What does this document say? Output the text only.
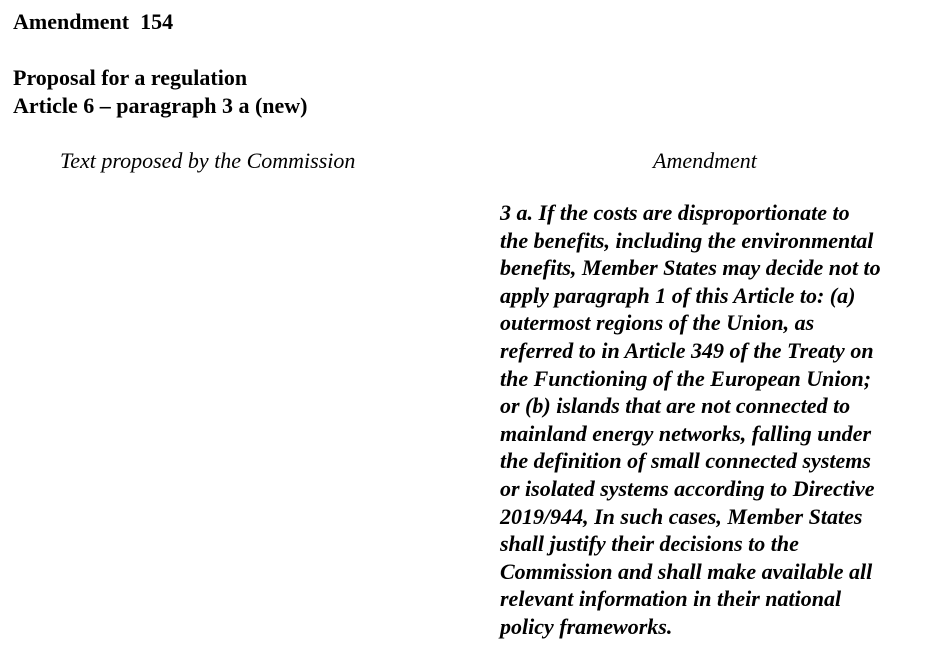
Amendment  154
Proposal for a regulation
Article 6 – paragraph 3 a (new)
Text proposed by the Commission	Amendment
3 a. If the costs are disproportionate to
the benefits, including the environmental
benefits, Member States may decide not to
apply paragraph 1 of this Article to: (a)
outermost regions of the Union, as
referred to in Article 349 of the Treaty on
the Functioning of the European Union;
or (b) islands that are not connected to
mainland energy networks, falling under
the definition of small connected systems
or isolated systems according to Directive
2019/944, In such cases, Member States
shall justify their decisions to the
Commission and shall make available all
relevant information in their national
policy frameworks.
